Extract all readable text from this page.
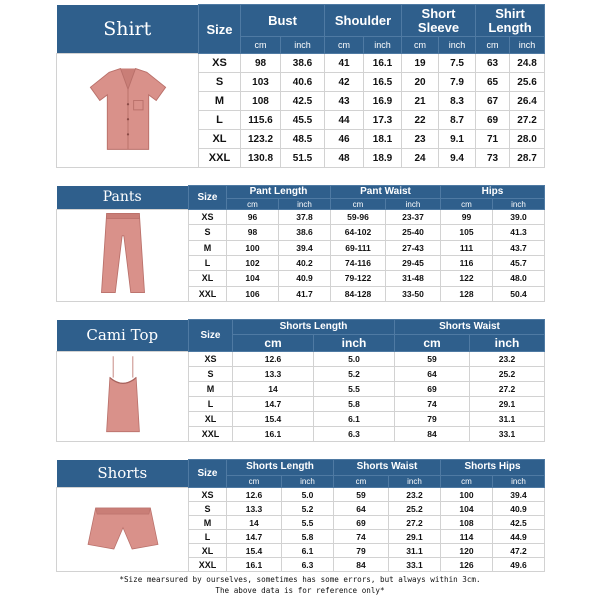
Shirt	Size	Bust		Shoulder		Short Sleeve		Shirt Length	
		cm	inch	cm	inch	cm	inch	cm	inch
	XS	98	38.6	41	16.1	19	7.5	63	24.8
	S	103	40.6	42	16.5	20	7.9	65	25.6
	M	108	42.5	43	16.9	21	8.3	67	26.4
	L	115.6	45.5	44	17.3	22	8.7	69	27.2
	XL	123.2	48.5	46	18.1	23	9.1	71	28.0
	XXL	130.8	51.5	48	18.9	24	9.4	73	28.7
Pants	Size	Pant Length		Pant Waist		Hips	
		cm	inch	cm	inch	cm	inch
	XS	96	37.8	59-96	23-37	99	39.0
	S	98	38.6	64-102	25-40	105	41.3
	M	100	39.4	69-111	27-43	111	43.7
	L	102	40.2	74-116	29-45	116	45.7
	XL	104	40.9	79-122	31-48	122	48.0
	XXL	106	41.7	84-128	33-50	128	50.4
Cami Top	Size	Shorts Length		Shorts Waist	
		cm	inch	cm	inch
	XS	12.6	5.0	59	23.2
	S	13.3	5.2	64	25.2
	M	14	5.5	69	27.2
	L	14.7	5.8	74	29.1
	XL	15.4	6.1	79	31.1
	XXL	16.1	6.3	84	33.1
Shorts	Size	Shorts Length		Shorts Waist		Shorts Hips	
		cm	inch	cm	inch	cm	inch
	XS	12.6	5.0	59	23.2	100	39.4
	S	13.3	5.2	64	25.2	104	40.9
	M	14	5.5	69	27.2	108	42.5
	L	14.7	5.8	74	29.1	114	44.9
	XL	15.4	6.1	79	31.1	120	47.2
	XXL	16.1	6.3	84	33.1	126	49.6
*Size mearsured by ourselves, sometimes has some errors, but always within 3cm.
The above data is for reference only*
